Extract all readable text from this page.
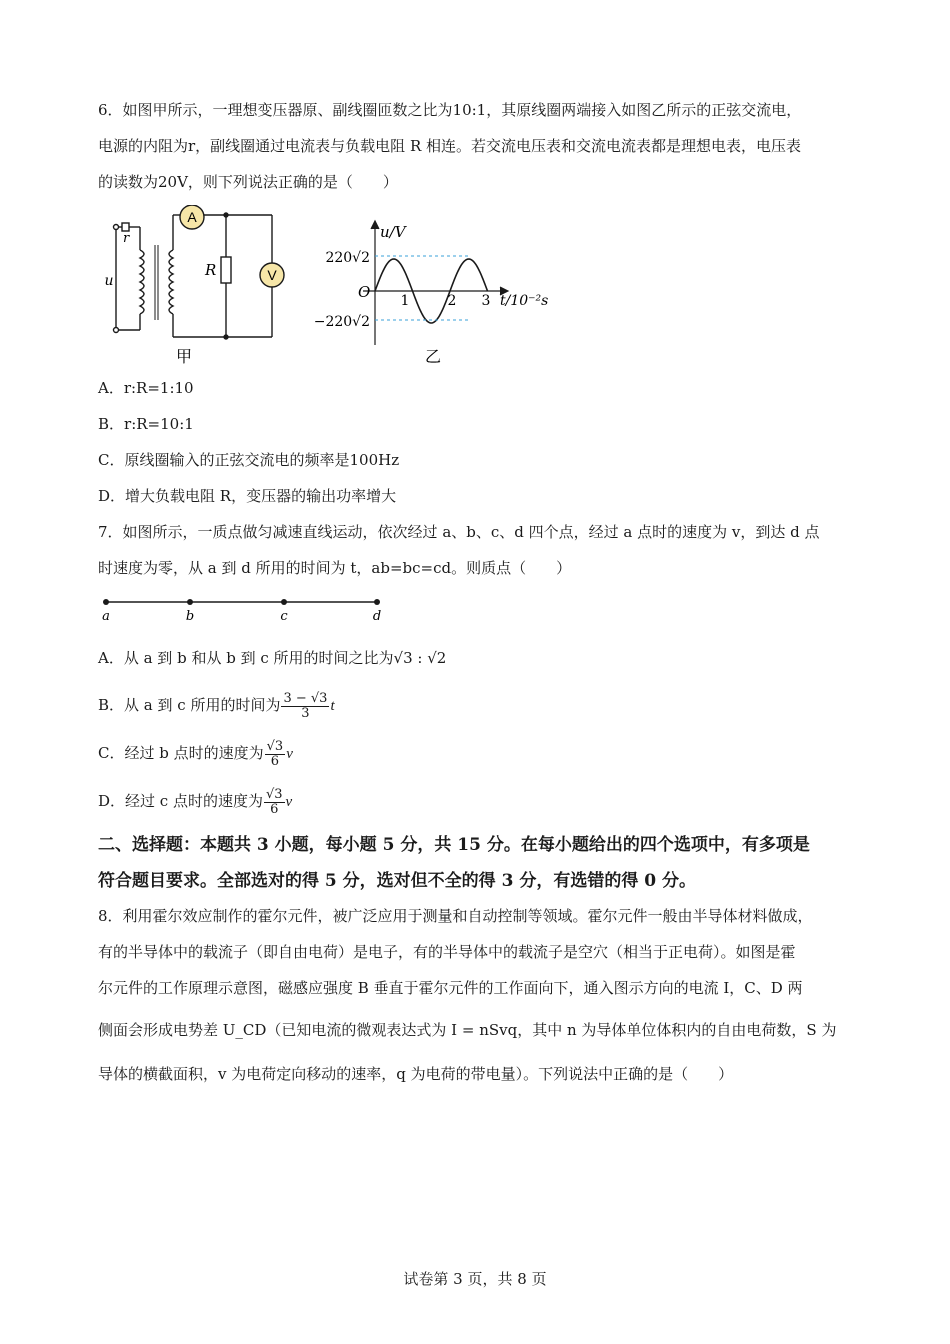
6．如图甲所示，一理想变压器原、副线圈匝数之比为10:1，其原线圈两端接入如图乙所示的正弦交流电，
电源的内阻为r，副线圈通过电流表与负载电阻 R 相连。若交流电压表和交流电流表都是理想电表，电压表
的读数为20V，则下列说法正确的是（　　）
A
V
r
u
R
甲
u/V
220√2
−220√2
O 1	2 3 t/10⁻²s
乙
A．r:R=1:10
B．r:R=10:1
C．原线圈输入的正弦交流电的频率是100Hz
D．增大负载电阻 R，变压器的输出功率增大
7．如图所示，一质点做匀减速直线运动，依次经过 a、b、c、d 四个点，经过 a 点时的速度为 v，到达 d 点
时速度为零，从 a 到 d 所用的时间为 t，ab=bc=cd。则质点（　　）
a	b	c	d
A．从 a 到 b 和从 b 到 c 所用的时间之比为√3 : √2
B．从 a 到 c 所用的时间为 $\frac{3 - √3}{3}$ t
C．经过 b 点时的速度为 $\frac{√3}{6}$ v
D．经过 c 点时的速度为 $\frac{√3}{6}$ v
二、选择题：本题共 3 小题，每小题 5 分，共 15 分。在每小题给出的四个选项中，有多项是
符合题目要求。全部选对的得 5 分，选对但不全的得 3 分，有选错的得 0 分。
8．利用霍尔效应制作的霍尔元件，被广泛应用于测量和自动控制等领域。霍尔元件一般由半导体材料做成，
有的半导体中的载流子（即自由电荷）是电子，有的半导体中的载流子是空穴（相当于正电荷）。如图是霍
尔元件的工作原理示意图，磁感应强度 B 垂直于霍尔元件的工作面向下，通入图示方向的电流 I，C、D 两
侧面会形成电势差 U_CD（已知电流的微观表达式为 I = nSvq，其中 n 为导体单位体积内的自由电荷数，S 为
导体的横截面积，v 为电荷定向移动的速率，q 为电荷的带电量）。下列说法中正确的是（　　）
试卷第 3 页，共 8 页
